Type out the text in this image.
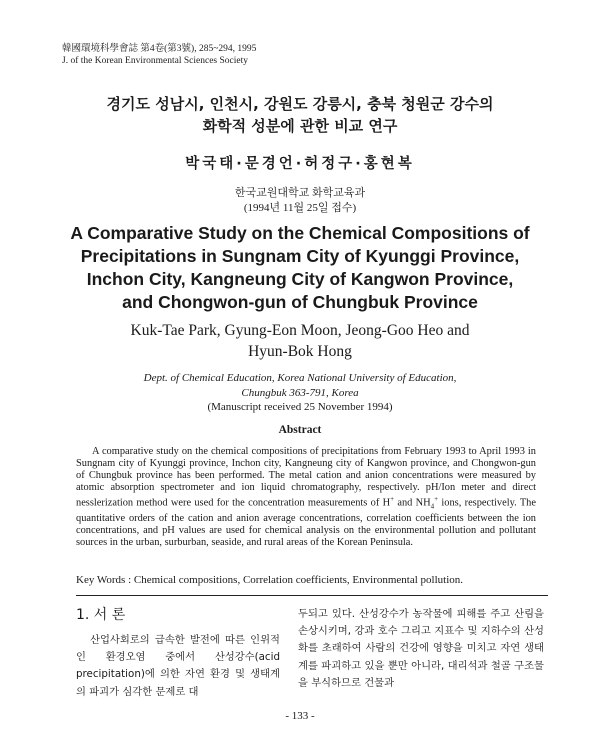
韓國環境科學會誌 第4卷(第3號), 285~294, 1995
J. of the Korean Environmental Sciences Society
경기도 성남시, 인천시, 강원도 강릉시, 충북 청원군 강수의
화학적 성분에 관한 비교 연구
박국태·문경언·허정구·홍현복
한국교원대학교 화학교육과
(1994년 11월 25일 접수)
A Comparative Study on the Chemical Compositions of
Precipitations in Sungnam City of Kyunggi Province,
Inchon City, Kangneung City of Kangwon Province,
and Chongwon-gun of Chungbuk Province
Kuk-Tae Park, Gyung-Eon Moon, Jeong-Goo Heo and
Hyun-Bok Hong
Dept. of Chemical Education, Korea National University of Education,
Chungbuk 363-791, Korea
(Manuscript received 25 November 1994)
Abstract
A comparative study on the chemical compositions of precipitations from February 1993 to April 1993 in Sungnam city of Kyunggi province, Inchon city, Kangneung city of Kangwon province, and Chongwon-gun of Chungbuk province has been performed. The metal cation and anion concentrations were measured by atomic absorption spectrometer and ion liquid chromatography, respectively. pH/Ion meter and direct nesslerization method were used for the concentration measurements of H+ and $NH_4^+$ ions, respectively. The quantitative orders of the cation and anion average concentrations, correlation coefficients between the ion concentrations, and pH values are used for chemical analysis on the environmental pollution and pollutant sources in the urban, surburban, seaside, and rural areas of the Korean Peninsula.
Key Words : Chemical compositions, Correlation coefficients, Environmental pollution.
1. 서 론
산업사회로의 급속한 발전에 따른 인위적인 환경오염 중에서 산성강수(acid precipitation)에 의한 자연 환경 및 생태계의 파괴가 심각한 문제로 대
두되고 있다. 산성강수가 농작물에 피해를 주고 산림을 손상시키며, 강과 호수 그리고 지표수 및 지하수의 산성화를 초래하여 사람의 건강에 영향을 미치고 자연 생태계를 파괴하고 있을 뿐만 아니라, 대리석과 철골 구조물을 부식하므로 건물과
- 133 -
